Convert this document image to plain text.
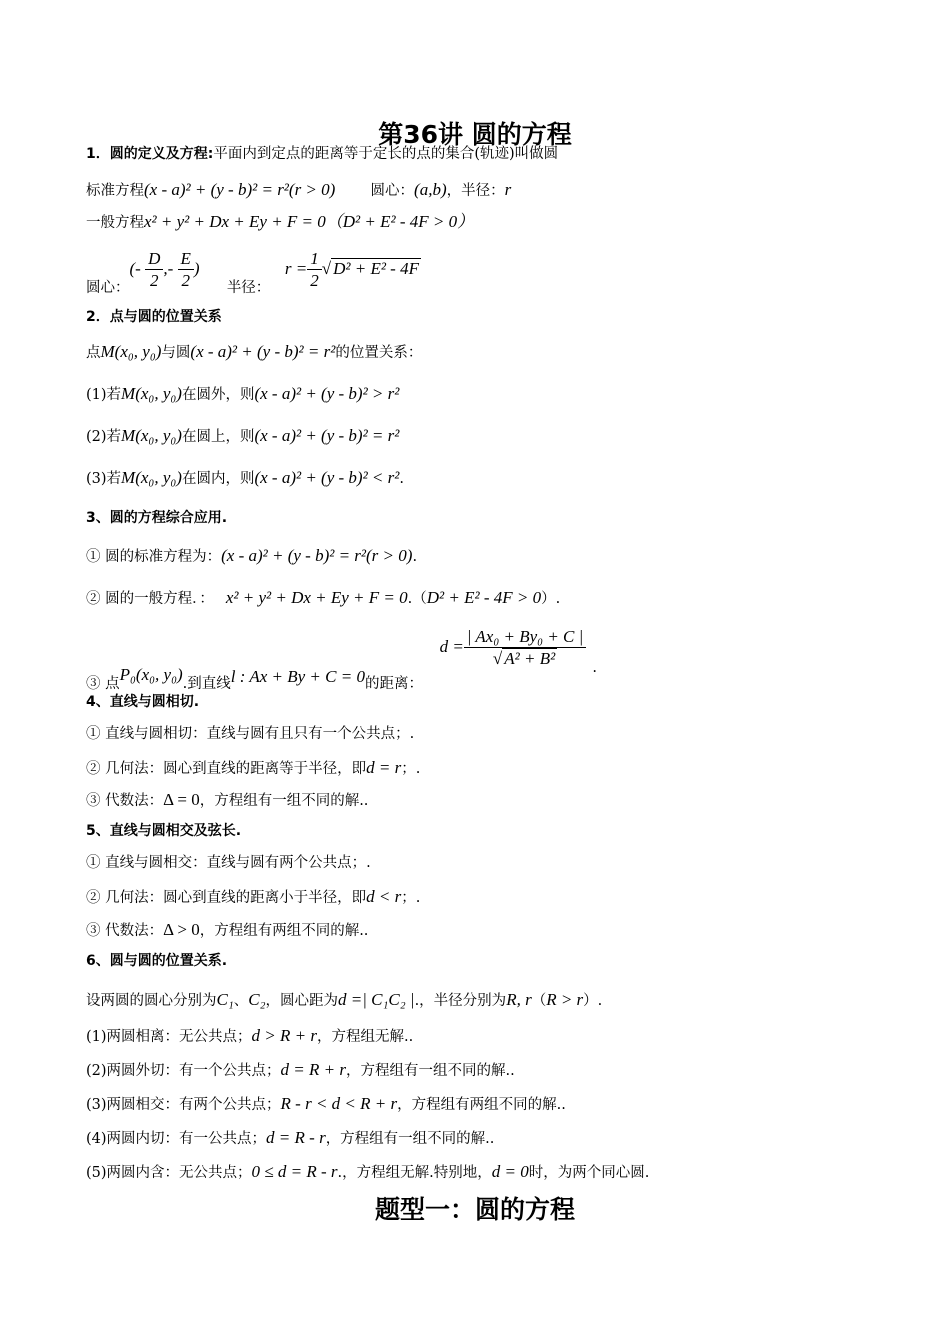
第36讲 圆的方程
1．圆的定义及方程:平面内到定点的距离等于定长的点的集合(轨迹)叫做圆
标准方程(x - a)² + (y - b)² = r²(r > 0) 圆心：(a,b)，半径：r
一般方程x² + y² + Dx + Ey + F = 0（D² + E² - 4F > 0）
圆心：(- $\frac{D}{2}$ ,- $\frac{E}{2}$ )  半径： $r = \frac{1}{2}$ √ D² + E² - 4F
2．点与圆的位置关系
点M(x₀, y₀)与圆(x - a)² + (y - b)² = r²的位置关系：
(1)若M(x₀, y₀)在圆外，则(x - a)² + (y - b)² > r²
(2)若M(x₀, y₀)在圆上，则(x - a)² + (y - b)² = r²
(3)若M(x₀, y₀)在圆内，则(x - a)² + (y - b)² < r².
3、圆的方程综合应用.
① 圆的标准方程为：(x - a)² + (y - b)² = r²(r > 0).
② 圆的一般方程．： x² + y² + Dx + Ey + F = 0.（D² + E² - 4F > 0）.
③ 点P₀(x₀, y₀).到直线l : Ax + By + C = 0的距离： $d = \frac{\text{| Ax₀ + By₀ + C |}}{\text{√ A² + B²}}$ .
4、直线与圆相切.
① 直线与圆相切：直线与圆有且只有一个公共点；.
② 几何法：圆心到直线的距离等于半径，即d = r；.
③ 代数法：Δ = 0，方程组有一组不同的解..
5、直线与圆相交及弦长.
① 直线与圆相交：直线与圆有两个公共点；.
② 几何法：圆心到直线的距离小于半径，即d < r；.
③ 代数法：Δ > 0，方程组有两组不同的解..
6、圆与圆的位置关系.
设两圆的圆心分别为C₁、C₂，圆心距为d =| C₁C₂ |.，半径分别为R, r（R > r）.
(1)两圆相离：无公共点；d > R + r，方程组无解..
(2)两圆外切：有一个公共点；d = R + r，方程组有一组不同的解..
(3)两圆相交：有两个公共点；R - r < d < R + r，方程组有两组不同的解..
(4)两圆内切：有一公共点；d = R - r，方程组有一组不同的解..
(5)两圆内含：无公共点；0 ≤ d = R - r.，方程组无解.特别地，d = 0时，为两个同心圆.
题型一：圆的方程
